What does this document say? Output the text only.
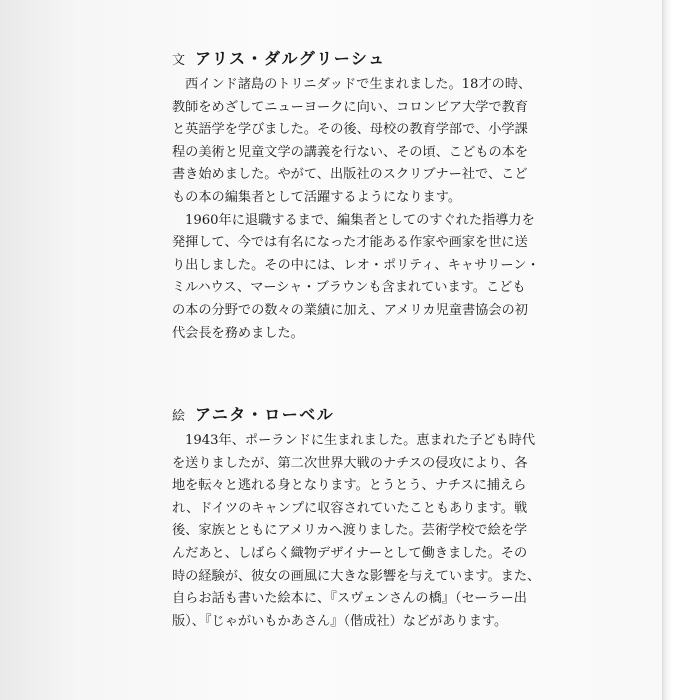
文 アリス・ダルグリーシュ

西インド諸島のトリニダッドで生まれました。18才の時、
教師をめざしてニューヨークに向い、コロンビア大学で教育
と英語学を学びました。その後、母校の教育学部で、小学課
程の美術と児童文学の講義を行ない、その頃、こどもの本を
書き始めました。やがて、出版社のスクリブナー社で、こど
もの本の編集者として活躍するようになります。

1960年に退職するまで、編集者としてのすぐれた指導力を
発揮して、今では有名になった才能ある作家や画家を世に送
り出しました。その中には、レオ・ポリティ、キャサリーン・
ミルハウス、マーシャ・ブラウンも含まれています。こども
の本の分野での数々の業績に加え、アメリカ児童書協会の初
代会長を務めました。

絵 アニタ・ローベル

1943年、ポーランドに生まれました。恵まれた子ども時代
を送りましたが、第二次世界大戦のナチスの侵攻により、各
地を転々と逃れる身となります。とうとう、ナチスに捕えら
れ、ドイツのキャンプに収容されていたこともあります。戦
後、家族とともにアメリカへ渡りました。芸術学校で絵を学
んだあと、しばらく織物デザイナーとして働きました。その
時の経験が、彼女の画風に大きな影響を与えています。また、
自らお話も書いた絵本に、『スヴェンさんの橋』（セーラー出
版）、『じゃがいもかあさん』（偕成社）などがあります。
